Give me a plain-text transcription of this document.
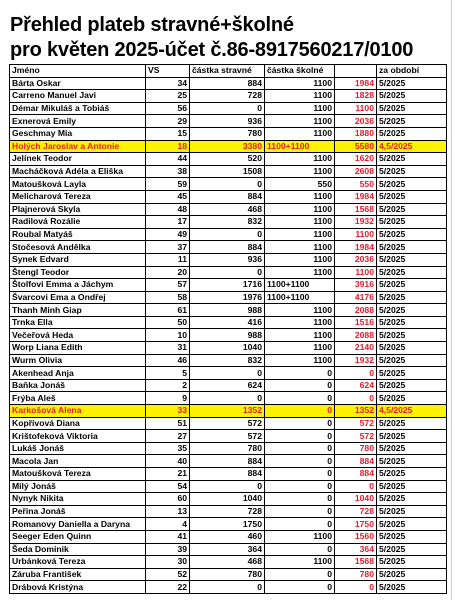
Přehled plateb stravné+školné
pro květen 2025-účet č.86-8917560217/0100
Jméno	VS	částka stravné	částka školné		za období
Bárta Oskar	34	884	1100	1984	5/2025
Carreno Manuel Javi	25	728	1100	1828	5/2025
Démar Mikuláš a Tobiáš	56	0	1100	1100	5/2025
Exnerová Emily	29	936	1100	2036	5/2025
Geschmay Mia	15	780	1100	1880	5/2025
Holých Jaroslav a Antonie	18	3380	1100+1100	5580	4,5/2025
Jelínek Teodor	44	520	1100	1620	5/2025
Macháčková Adéla a Eliška	38	1508	1100	2608	5/2025
Matoušková Layla	59	0	550	550	5/2025
Melicharová Tereza	45	884	1100	1984	5/2025
Plajnerová Skyla	48	468	1100	1568	5/2025
Radilová Rozálie	17	832	1100	1932	5/2025
Roubal Matyáš	49	0	1100	1100	5/2025
Stočesová Andělka	37	884	1100	1984	5/2025
Synek Edvard	11	936	1100	2036	5/2025
Štengl Teodor	20	0	1100	1100	5/2025
Štolfovi Emma a Jáchym	57	1716	1100+1100	3916	5/2025
Švarcovi Ema a Ondřej	58	1976	1100+1100	4176	5/2025
Thanh Minh Giap	61	988	1100	2088	5/2025
Trnka Ella	50	416	1100	1516	5/2025
Večeřová Heda	10	988	1100	2088	5/2025
Worp Liana Edith	31	1040	1100	2140	5/2025
Wurm Olivia	46	832	1100	1932	5/2025
Akenhead Anja	5	0	0	0	5/2025
Baňka Jonáš	2	624	0	624	5/2025
Frýba Aleš	9	0	0	0	5/2025
Karkošová Alena	33	1352	0	1352	4,5/2025
Kopřivová Diana	51	572	0	572	5/2025
Krištofeková Viktoria	27	572	0	572	5/2025
Lukáš Jonáš	35	780	0	780	5/2025
Macola Jan	40	884	0	884	5/2025
Matoušková Tereza	21	884	0	884	5/2025
Milý Jonáš	54	0	0	0	5/2025
Nynyk Nikita	60	1040	0	1040	5/2025
Peřina Jonáš	13	728	0	728	5/2025
Romanovy Daniella a Daryna	4	1750	0	1750	5/2025
Seeger Eden Quinn	41	460	1100	1560	5/2025
Šeda Dominik	39	364	0	364	5/2025
Urbánková Tereza	30	468	1100	1568	5/2025
Záruba František	52	780	0	780	5/2025
Drábová Kristýna	22	0	0	0	5/2025
